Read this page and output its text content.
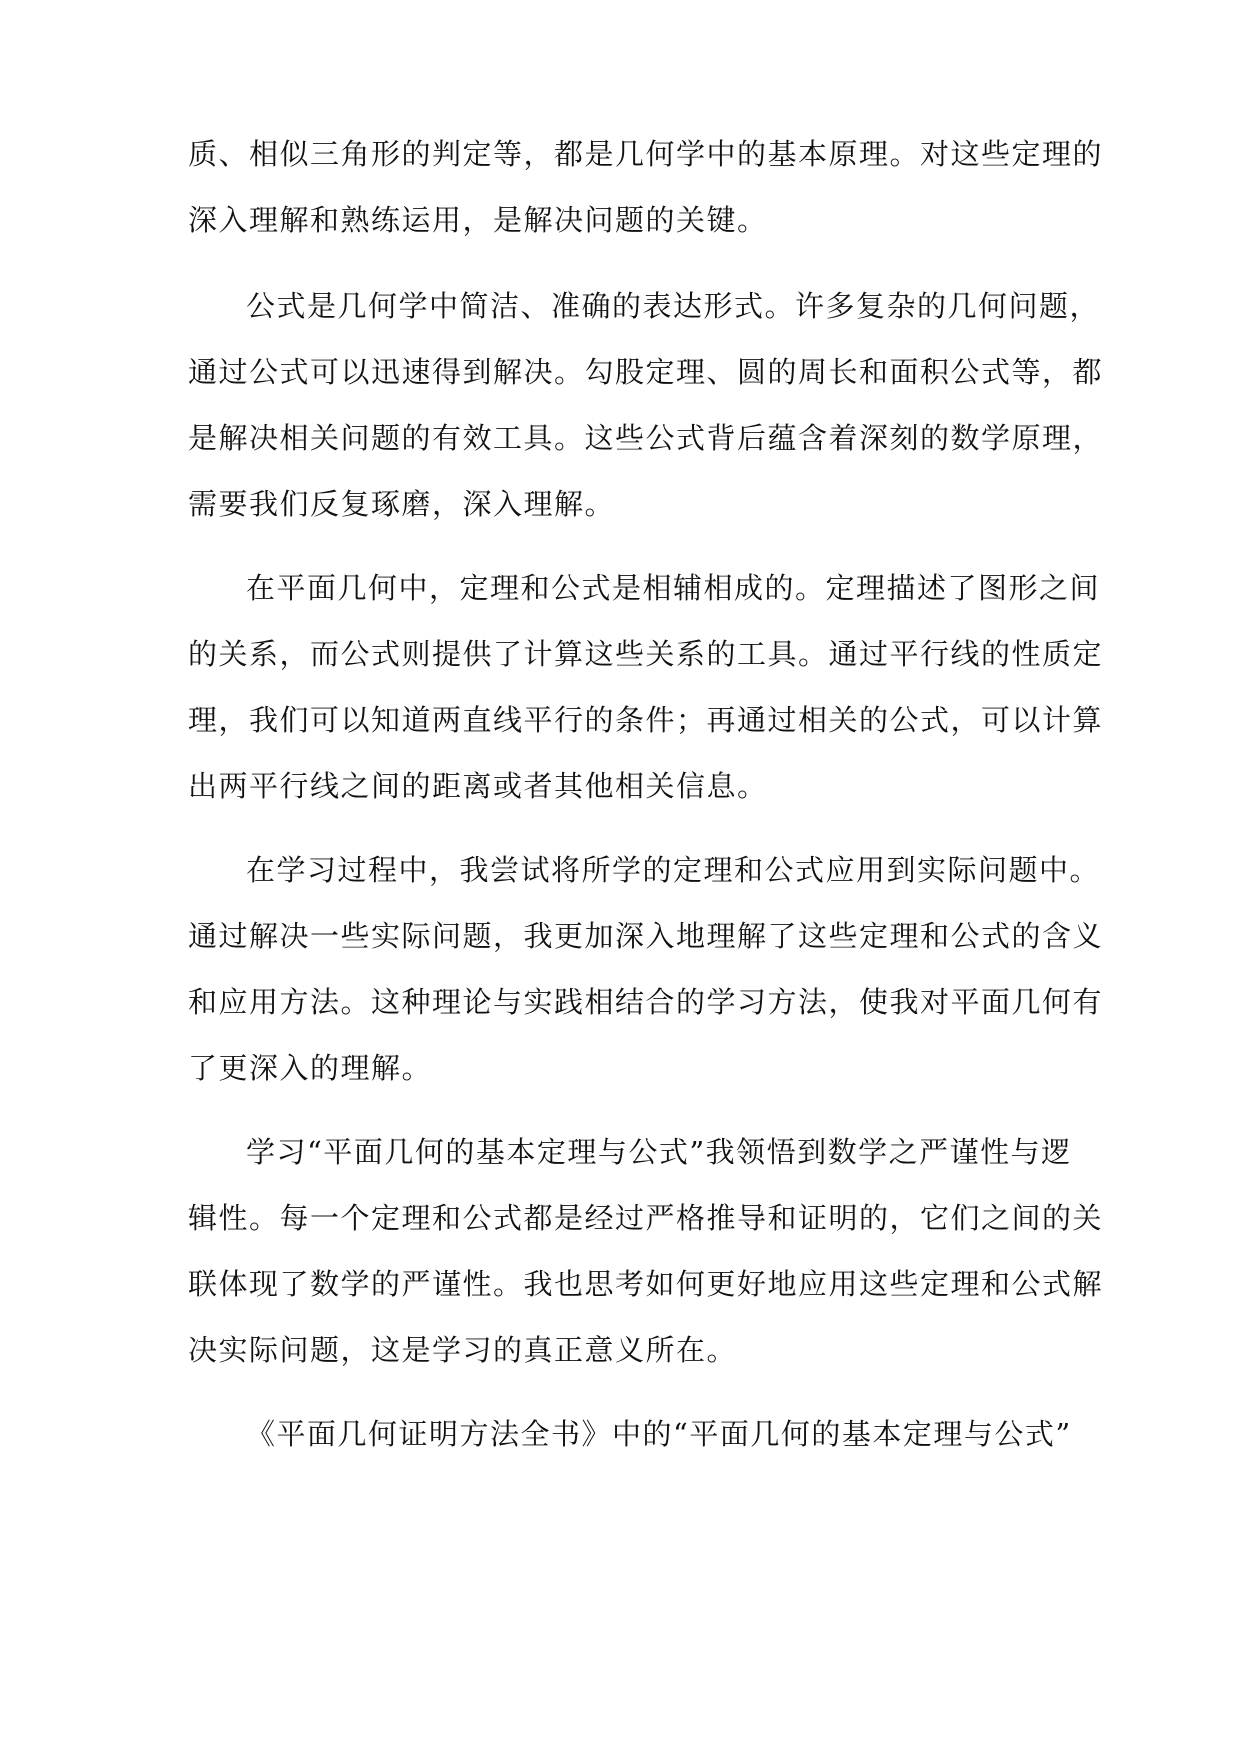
质、相似三角形的判定等，都是几何学中的基本原理。对这些定理的

深入理解和熟练运用，是解决问题的关键。

公式是几何学中简洁、准确的表达形式。许多复杂的几何问题，

通过公式可以迅速得到解决。勾股定理、圆的周长和面积公式等，都

是解决相关问题的有效工具。这些公式背后蕴含着深刻的数学原理，

需要我们反复琢磨，深入理解。

在平面几何中，定理和公式是相辅相成的。定理描述了图形之间

的关系，而公式则提供了计算这些关系的工具。通过平行线的性质定

理，我们可以知道两直线平行的条件；再通过相关的公式，可以计算

出两平行线之间的距离或者其他相关信息。

在学习过程中，我尝试将所学的定理和公式应用到实际问题中。

通过解决一些实际问题，我更加深入地理解了这些定理和公式的含义

和应用方法。这种理论与实践相结合的学习方法，使我对平面几何有

了更深入的理解。

学习“平面几何的基本定理与公式”我领悟到数学之严谨性与逻

辑性。每一个定理和公式都是经过严格推导和证明的，它们之间的关

联体现了数学的严谨性。我也思考如何更好地应用这些定理和公式解

决实际问题，这是学习的真正意义所在。

《平面几何证明方法全书》中的“平面几何的基本定理与公式”
